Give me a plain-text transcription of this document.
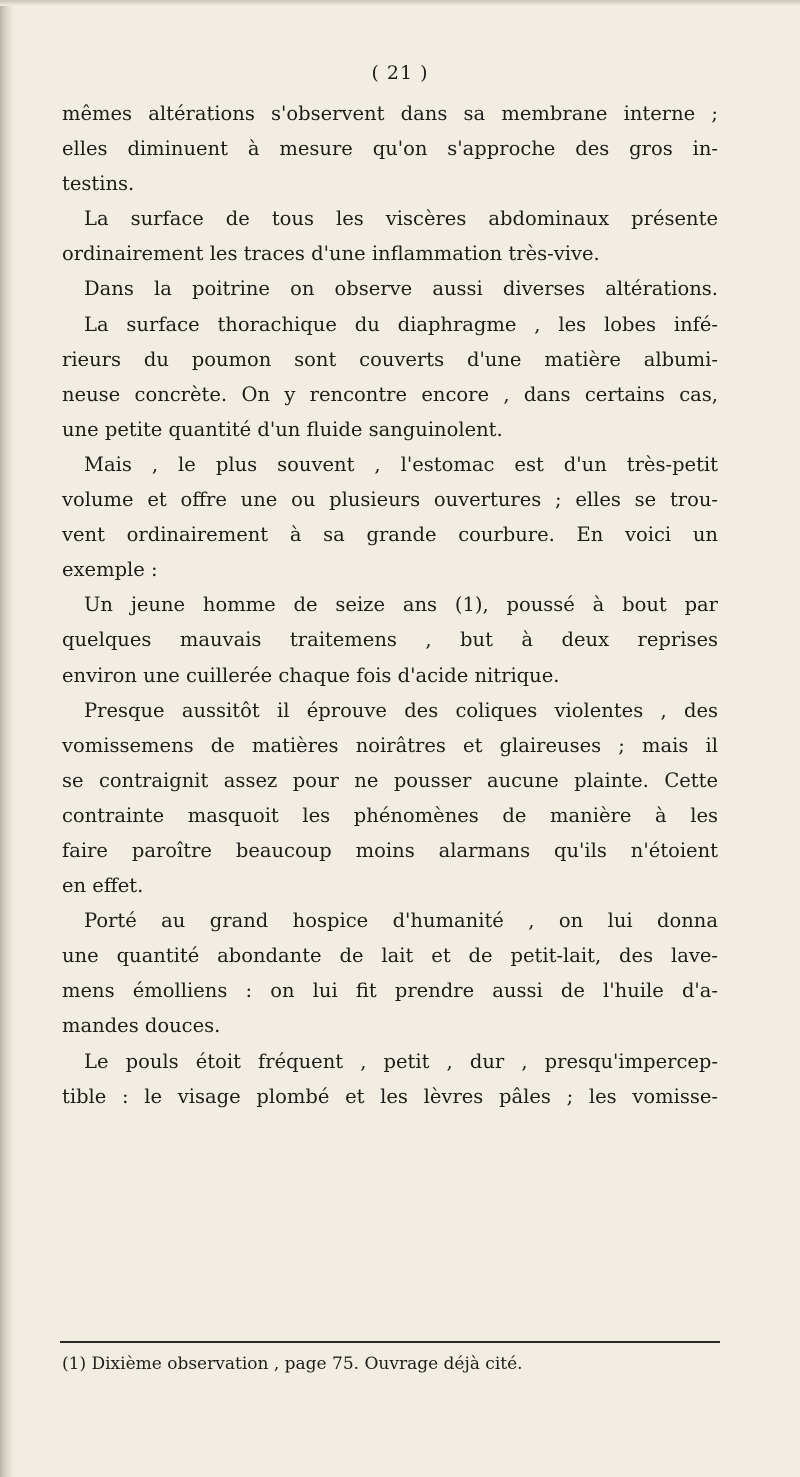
( 21 )
mêmes altérations s'observent dans sa membrane interne ;
elles diminuent à mesure qu'on s'approche des gros in-
testins.
La surface de tous les viscères abdominaux présente
ordinairement les traces d'une inflammation très-vive.
Dans la poitrine on observe aussi diverses altérations.
La surface thorachique du diaphragme , les lobes infé-
rieurs du poumon sont couverts d'une matière albumi-
neuse concrète. On y rencontre encore , dans certains cas,
une petite quantité d'un fluide sanguinolent.
Mais , le plus souvent , l'estomac est d'un très-petit
volume et offre une ou plusieurs ouvertures ; elles se trou-
vent ordinairement à sa grande courbure. En voici un
exemple :
Un jeune homme de seize ans (1), poussé à bout par
quelques mauvais traitemens , but à deux reprises
environ une cuillerée chaque fois d'acide nitrique.
Presque aussitôt il éprouve des coliques violentes , des
vomissemens de matières noirâtres et glaireuses ; mais il
se contraignit assez pour ne pousser aucune plainte. Cette
contrainte masquoit les phénomènes de manière à les
faire paroître beaucoup moins alarmans qu'ils n'étoient
en effet.
Porté au grand hospice d'humanité , on lui donna
une quantité abondante de lait et de petit-lait, des lave-
mens émolliens : on lui fit prendre aussi de l'huile d'a-
mandes douces.
Le pouls étoit fréquent , petit , dur , presqu'impercep-
tible : le visage plombé et les lèvres pâles ; les vomisse-
(1) Dixième observation , page 75. Ouvrage déjà cité.
